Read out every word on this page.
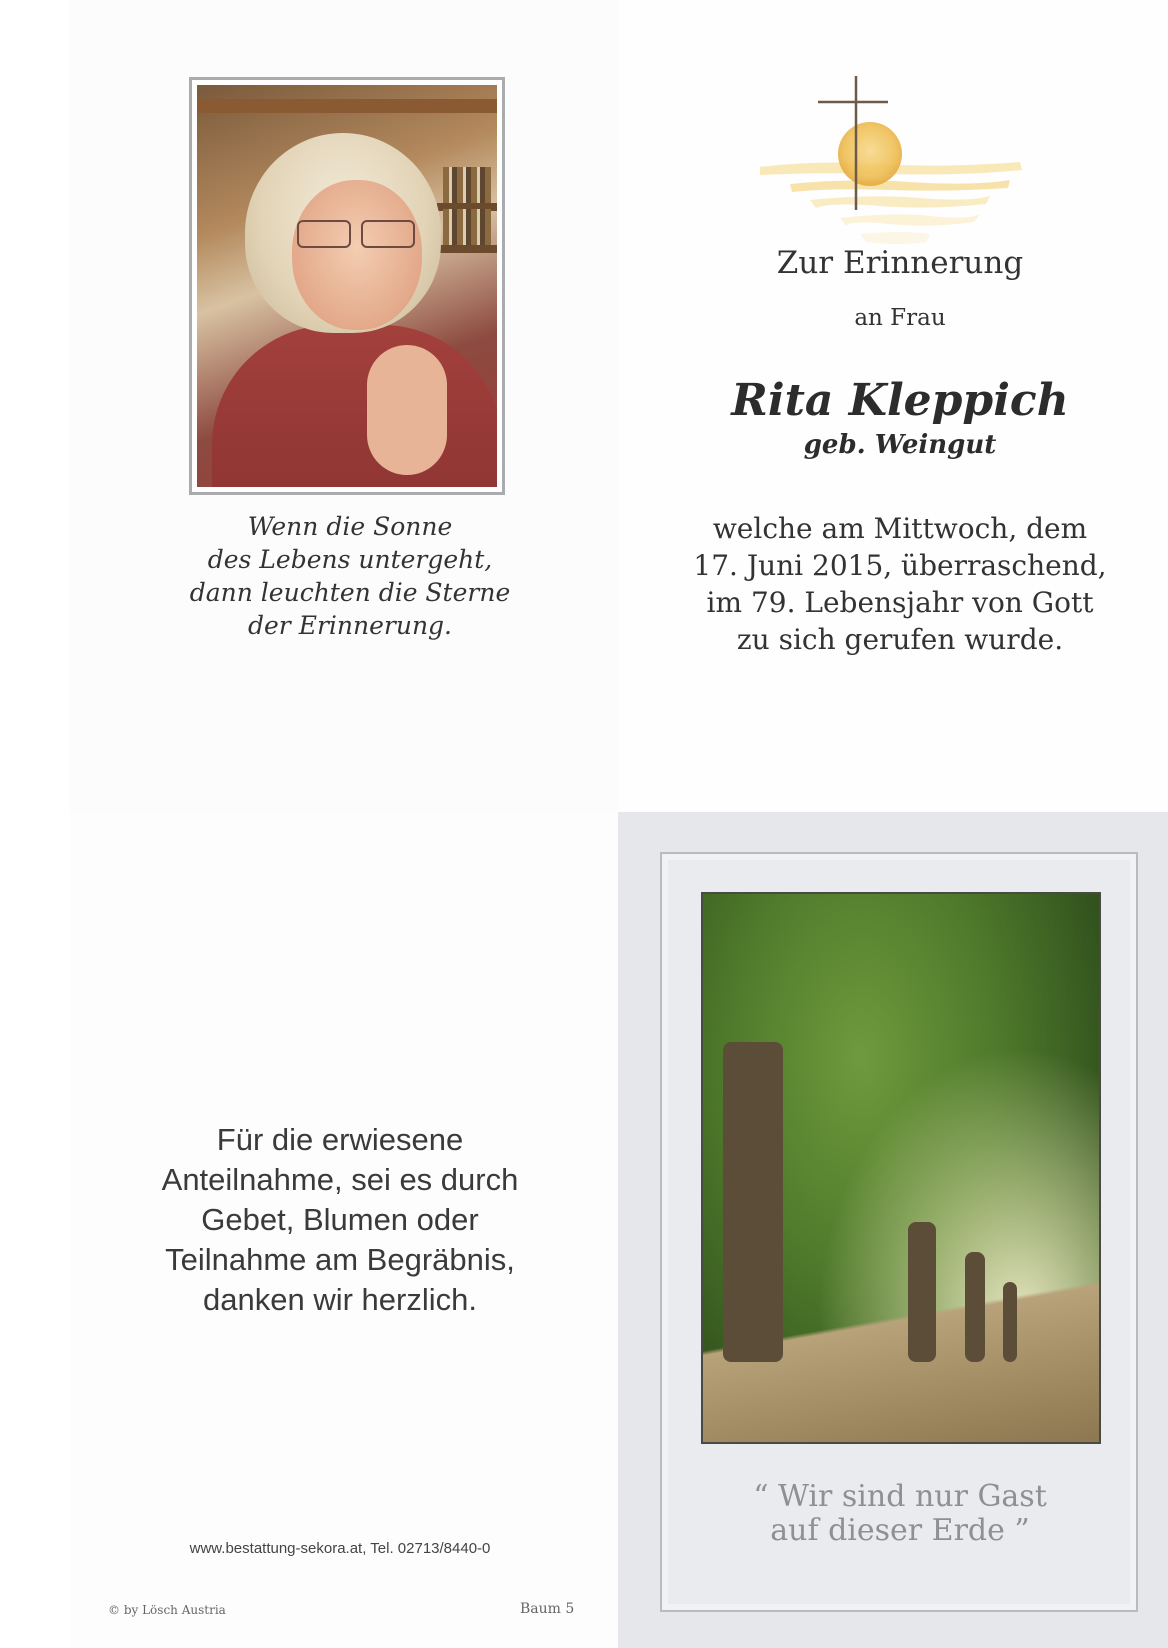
Wenn die Sonne
des Lebens untergeht,
dann leuchten die Sterne
der Erinnerung.
Zur Erinnerung
an Frau
Rita Kleppich
geb. Weingut
welche am Mittwoch, dem
17. Juni 2015, überraschend,
im 79. Lebensjahr von Gott
zu sich gerufen wurde.
Für die erwiesene
Anteilnahme, sei es durch
Gebet, Blumen oder
Teilnahme am Begräbnis,
danken wir herzlich.
www.bestattung-sekora.at, Tel. 02713/8440-0
© by Lösch Austria	Baum 5
“ Wir sind nur Gast
auf dieser Erde ”
